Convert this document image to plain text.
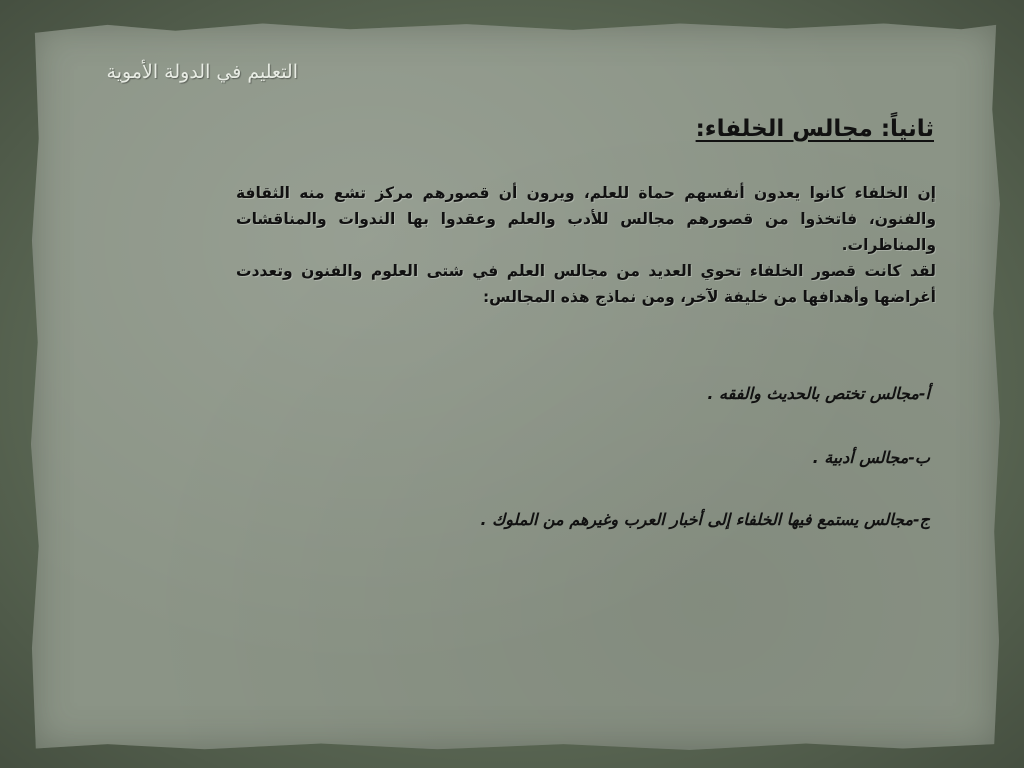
التعليم في الدولة الأموية
ثانياً: مجالس الخلفاء:

إن الخلفاء كانوا يعدون أنفسهم حماة للعلم، ويرون أن قصورهم مركز تشع منه الثقافة والفنون، فاتخذوا من قصورهم مجالس للأدب والعلم وعقدوا بها الندوات والمناقشات والمناظرات.

لقد كانت قصور الخلفاء تحوي العديد من مجالس العلم في شتى العلوم والفنون وتعددت أغراضها وأهدافها من خليفة لآخر، ومن نماذج هذه المجالس:

أ-مجالس تختص بالحديث والفقه .
ب-مجالس أدبية .
ج-مجالس يستمع فيها الخلفاء إلى أخبار العرب وغيرهم من الملوك .
